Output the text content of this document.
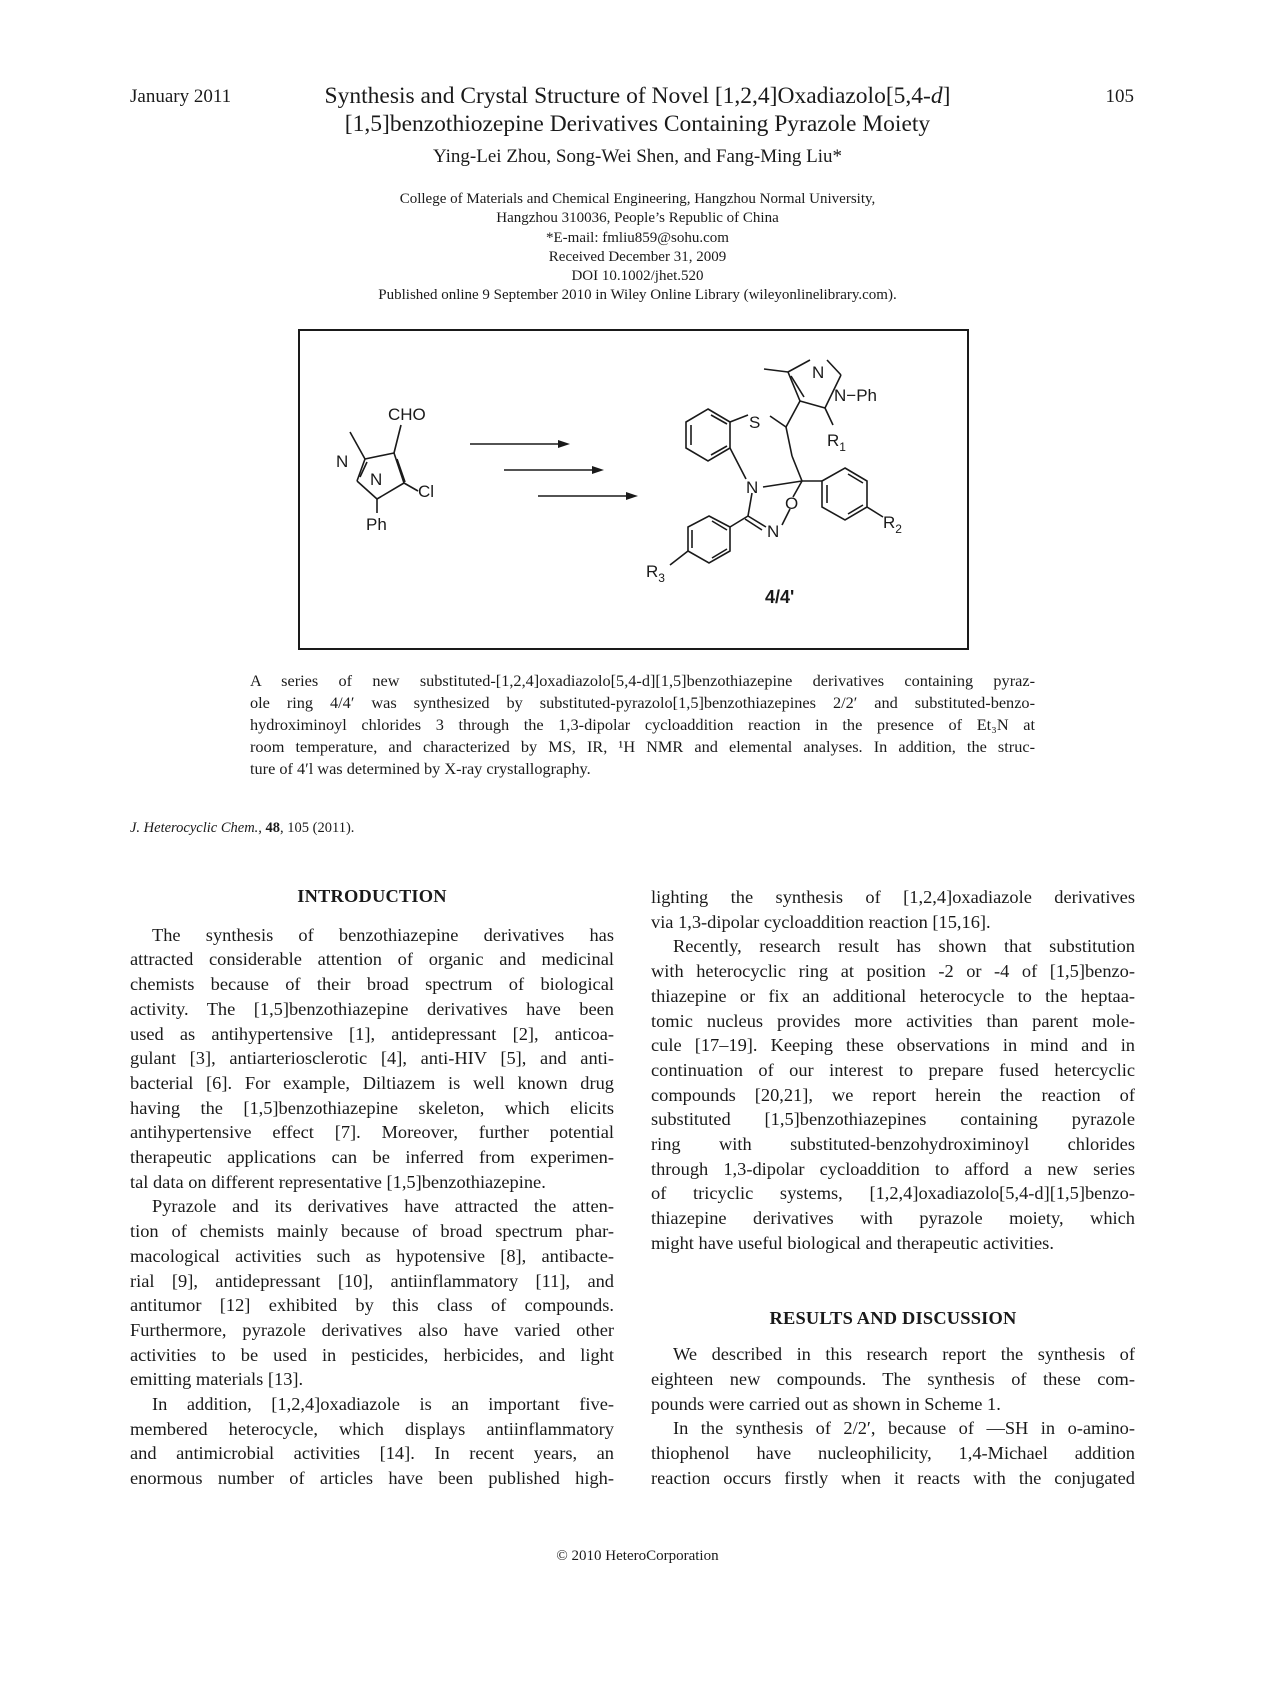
January 2011	105
Synthesis and Crystal Structure of Novel [1,2,4]Oxadiazolo[5,4-d]
[1,5]benzothiozepine Derivatives Containing Pyrazole Moiety
Ying-Lei Zhou, Song-Wei Shen, and Fang-Ming Liu*
College of Materials and Chemical Engineering, Hangzhou Normal University,
Hangzhou 310036, People’s Republic of China
*E-mail: fmliu859@sohu.com
Received December 31, 2009
DOI 10.1002/jhet.520
Published online 9 September 2010 in Wiley Online Library (wileyonlinelibrary.com).
CHO
N
N
Cl
Ph
S
N
N−Ph
$R_1$
N
O
N	$R_2$
$R_3$
4/4'
A series of new substituted-[1,2,4]oxadiazolo[5,4-d][1,5]benzothiazepine derivatives containing pyraz-
ole ring 4/4′ was synthesized by substituted-pyrazolo[1,5]benzothiazepines 2/2′ and substituted-benzo-
hydroximinoyl chlorides 3 through the 1,3-dipolar cycloaddition reaction in the presence of Et₃N at
room temperature, and characterized by MS, IR, ¹H NMR and elemental analyses. In addition, the struc-
ture of 4′l was determined by X-ray crystallography.
J. Heterocyclic Chem., 48, 105 (2011).
INTRODUCTION
The synthesis of benzothiazepine derivatives has
attracted considerable attention of organic and medicinal
chemists because of their broad spectrum of biological
activity. The [1,5]benzothiazepine derivatives have been
used as antihypertensive [1], antidepressant [2], anticoa-
gulant [3], antiarteriosclerotic [4], anti-HIV [5], and anti-
bacterial [6]. For example, Diltiazem is well known drug
having the [1,5]benzothiazepine skeleton, which elicits
antihypertensive effect [7]. Moreover, further potential
therapeutic applications can be inferred from experimen-
tal data on different representative [1,5]benzothiazepine.
Pyrazole and its derivatives have attracted the atten-
tion of chemists mainly because of broad spectrum phar-
macological activities such as hypotensive [8], antibacte-
rial [9], antidepressant [10], antiinflammatory [11], and
antitumor [12] exhibited by this class of compounds.
Furthermore, pyrazole derivatives also have varied other
activities to be used in pesticides, herbicides, and light
emitting materials [13].
In addition, [1,2,4]oxadiazole is an important five-
membered heterocycle, which displays antiinflammatory
and antimicrobial activities [14]. In recent years, an
enormous number of articles have been published high-
lighting the synthesis of [1,2,4]oxadiazole derivatives
via 1,3-dipolar cycloaddition reaction [15,16].
Recently, research result has shown that substitution
with heterocyclic ring at position -2 or -4 of [1,5]benzo-
thiazepine or fix an additional heterocycle to the heptaa-
tomic nucleus provides more activities than parent mole-
cule [17–19]. Keeping these observations in mind and in
continuation of our interest to prepare fused hetercyclic
compounds [20,21], we report herein the reaction of
substituted [1,5]benzothiazepines containing pyrazole
ring with substituted-benzohydroximinoyl chlorides
through 1,3-dipolar cycloaddition to afford a new series
of tricyclic systems, [1,2,4]oxadiazolo[5,4-d][1,5]benzo-
thiazepine derivatives with pyrazole moiety, which
might have useful biological and therapeutic activities.
RESULTS AND DISCUSSION
We described in this research report the synthesis of
eighteen new compounds. The synthesis of these com-
pounds were carried out as shown in Scheme 1.
In the synthesis of 2/2′, because of —SH in o-amino-
thiophenol have nucleophilicity, 1,4-Michael addition
reaction occurs firstly when it reacts with the conjugated
© 2010 HeteroCorporation
